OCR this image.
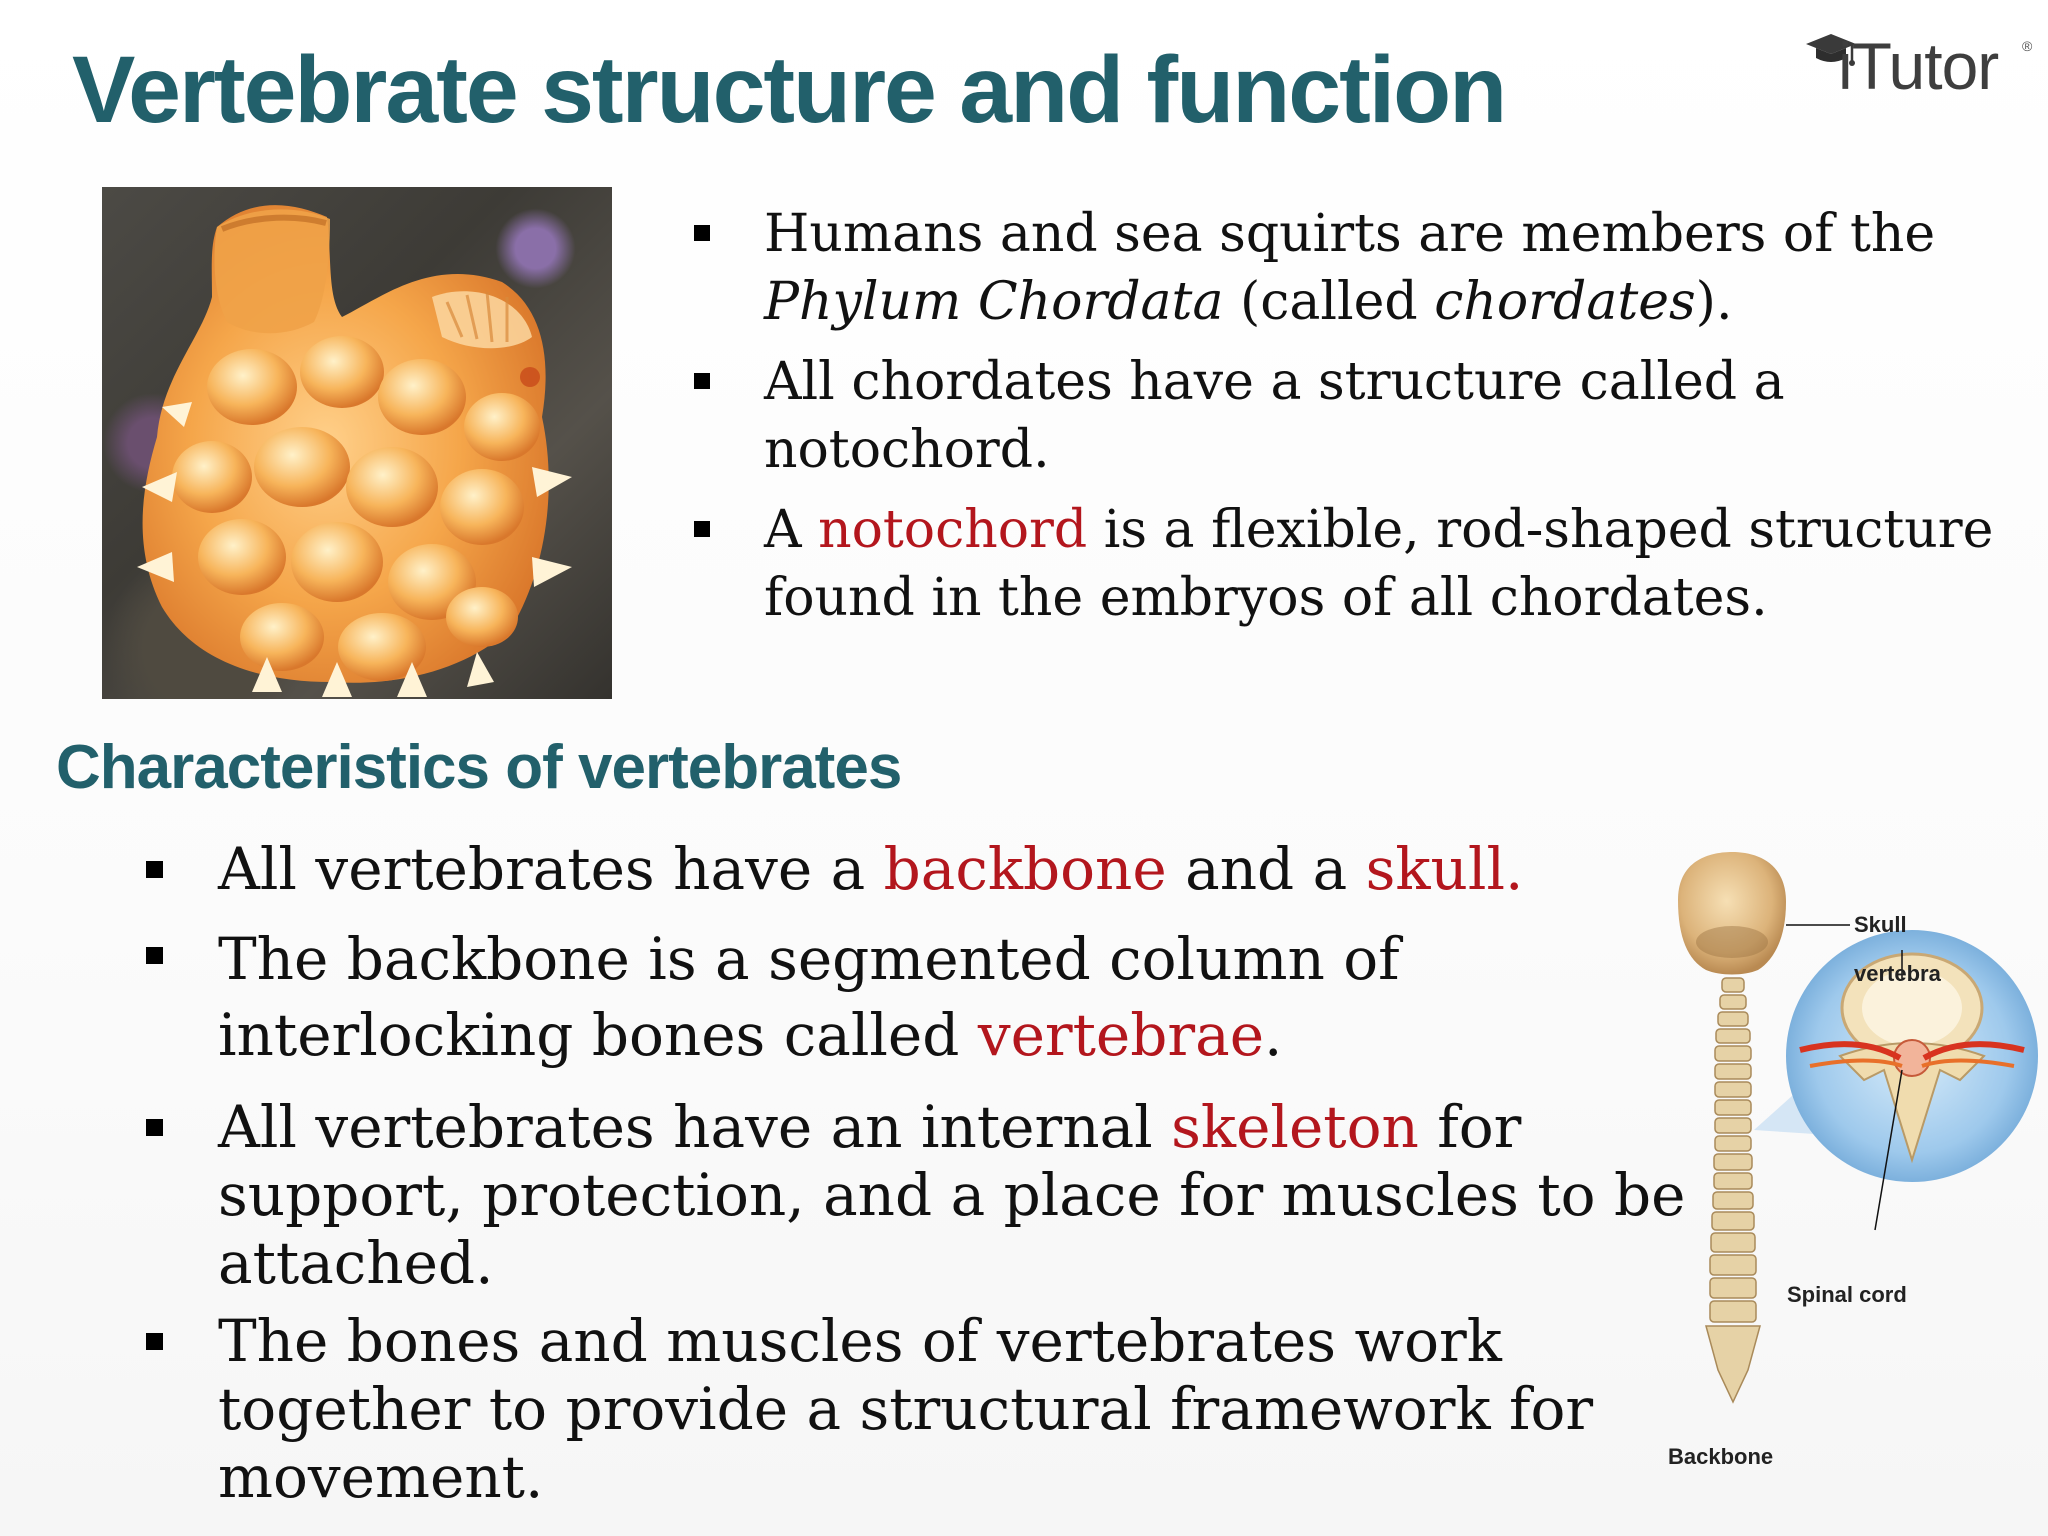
Vertebrate structure and function	iTutor ®
Humans and sea squirts are members of the Phylum Chordata (called chordates).
All chordates have a structure called a notochord.
A notochord is a flexible, rod-shaped structure found in the embryos of all chordates.
Characteristics of vertebrates
All vertebrates have a backbone and a skull.
The backbone is a segmented column of interlocking bones called vertebrae.
All vertebrates have an internal skeleton for support, protection, and a place for muscles to be attached.
The bones and muscles of vertebrates work together to provide a structural framework for movement.
Skull
vertebra
Spinal cord
Backbone
